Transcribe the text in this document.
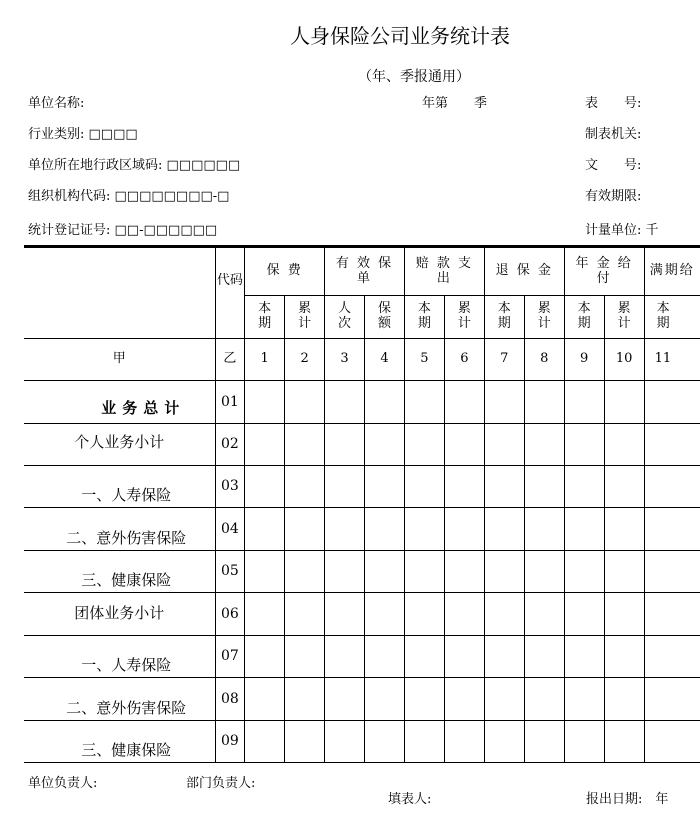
人身保险公司业务统计表
（年、季报通用）
单位名称:	年第　　季	表　　号:
行业类别: □□□□	制表机关:
单位所在地行政区域码: □□□□□□	文　　号:
组织机构代码: □□□□□□□□-□	有效期限:
统计登记证号: □□-□□□□□□	计量单位: 千
	代码	保 费		有 效 保 单		赔 款 支 出		退 保 金		年 金 给 付		满期给
		本期	累计	人次	保额	本期	累计	本期	累计	本期	累计	本期
甲	乙	1	2	3	4	5	6	7	8	9	10	11
业务总计	01											
个人业务小计	02											
一、人寿保险	03											
二、意外伤害保险	04											
三、健康保险	05											
团体业务小计	06											
一、人寿保险	07											
二、意外伤害保险	08											
三、健康保险	09											
单位负责人:	部门负责人:
填表人:	报出日期:　年
